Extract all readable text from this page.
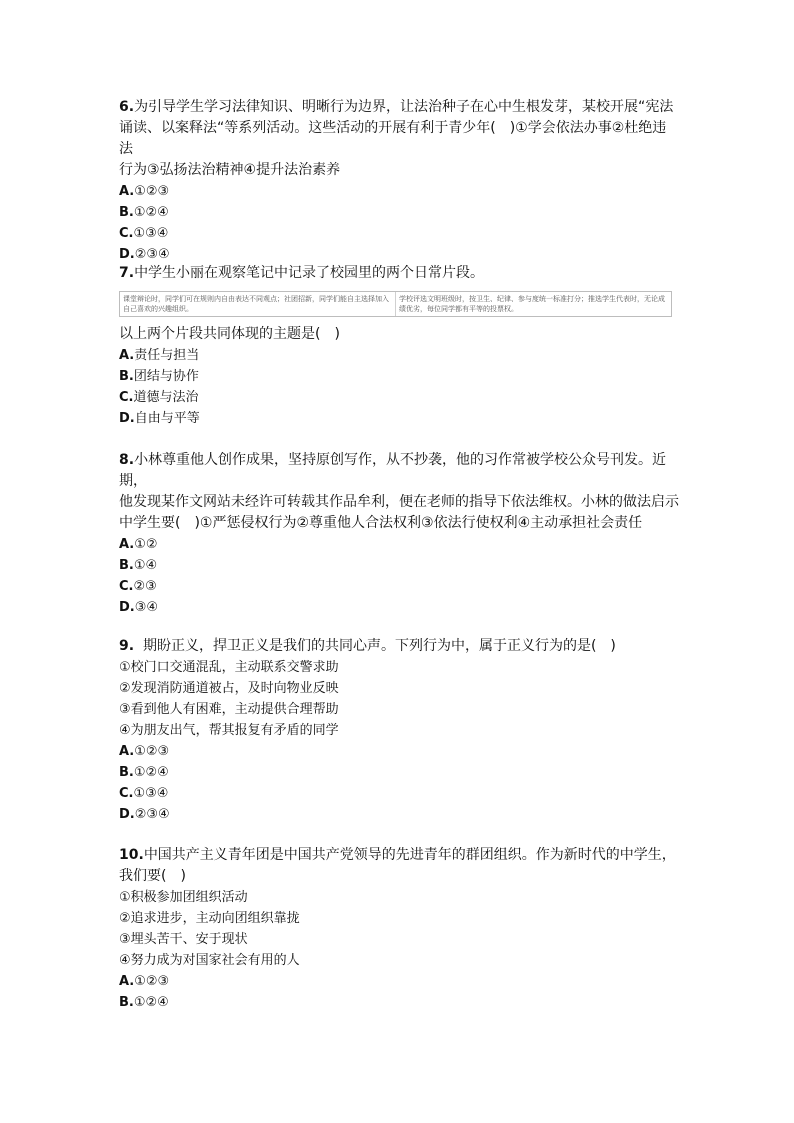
6.为引导学生学习法律知识、明晰行为边界，让法治种子在心中生根发芽，某校开展“宪法

诵读、以案释法“等系列活动。这些活动的开展有利于青少年(　)①学会依法办事②杜绝违法

行为③弘扬法治精神④提升法治素养

A.①②③

B.①②④

C.①③④

D.②③④

7.中学生小丽在观察笔记中记录了校园里的两个日常片段。

课堂辩论时，同学们可在规则内自由表达不同观点；社团招新，同学们能自主选择加入自己喜欢的兴趣组织。
学校评选文明班级时，按卫生、纪律、参与度统一标准打分；推选学生代表时，无论成绩优劣，每位同学都有平等的投票权。

以上两个片段共同体现的主题是(　)

A.责任与担当

B.团结与协作

C.道德与法治

D.自由与平等

8.小林尊重他人创作成果，坚持原创写作，从不抄袭，他的习作常被学校公众号刊发。近期，

他发现某作文网站未经许可转载其作品牟利，便在老师的指导下依法维权。小林的做法启示

中学生要(　)①严惩侵权行为②尊重他人合法权利③依法行使权利④主动承担社会责任

A.①②

B.①④

C.②③

D.③④

9.  期盼正义，捍卫正义是我们的共同心声。下列行为中，属于正义行为的是(　)

①校门口交通混乱，主动联系交警求助

②发现消防通道被占，及时向物业反映

③看到他人有困难，主动提供合理帮助

④为朋友出气，帮其报复有矛盾的同学

A.①②③

B.①②④

C.①③④

D.②③④

10.中国共产主义青年团是中国共产党领导的先进青年的群团组织。作为新时代的中学生，

我们要(　)

①积极参加团组织活动

②追求进步，主动向团组织靠拢

③埋头苦干、安于现状

④努力成为对国家社会有用的人

A.①②③

B.①②④
